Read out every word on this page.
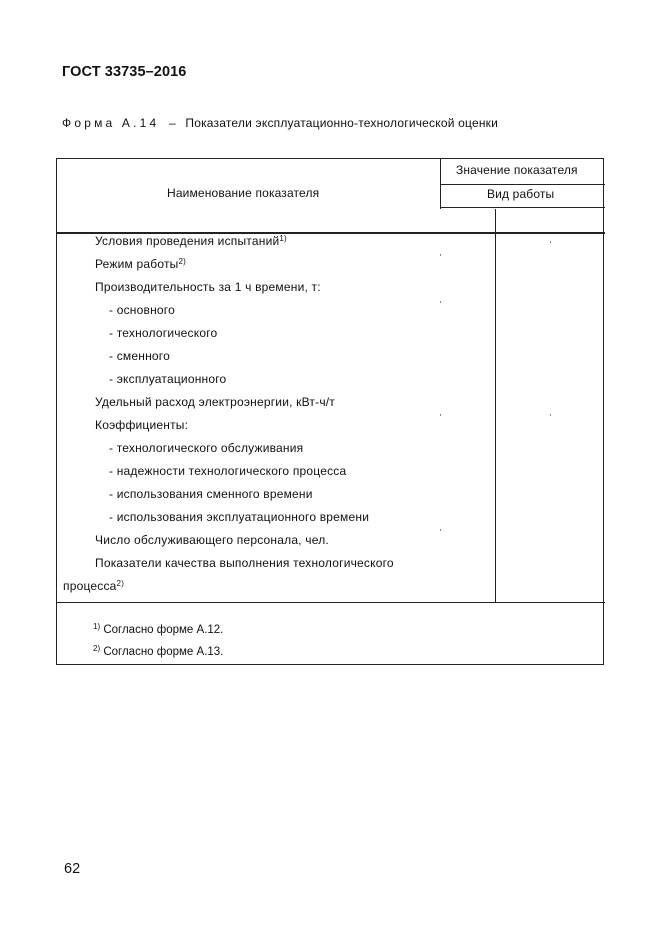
ГОСТ 33735–2016
Форма А.14 – Показатели эксплуатационно-технологической оценки
Наименование показателя
Значение показателя
Вид работы
Условия проведения испытаний$^{1)}$
Режим работы$^{2)}$
Производительность за 1 ч времени, т:
- основного
- технологического
- сменного
- эксплуатационного
Удельный расход электроэнергии, кВт-ч/т
Коэффициенты:
- технологического обслуживания
- надежности технологического процесса
- использования сменного времени
- использования эксплуатационного времени
Число обслуживающего персонала, чел.
Показатели качества выполнения технологического
процесса$^{2)}$
$^{1)}$ Согласно форме А.12.
$^{2)}$ Согласно форме А.13.
62
